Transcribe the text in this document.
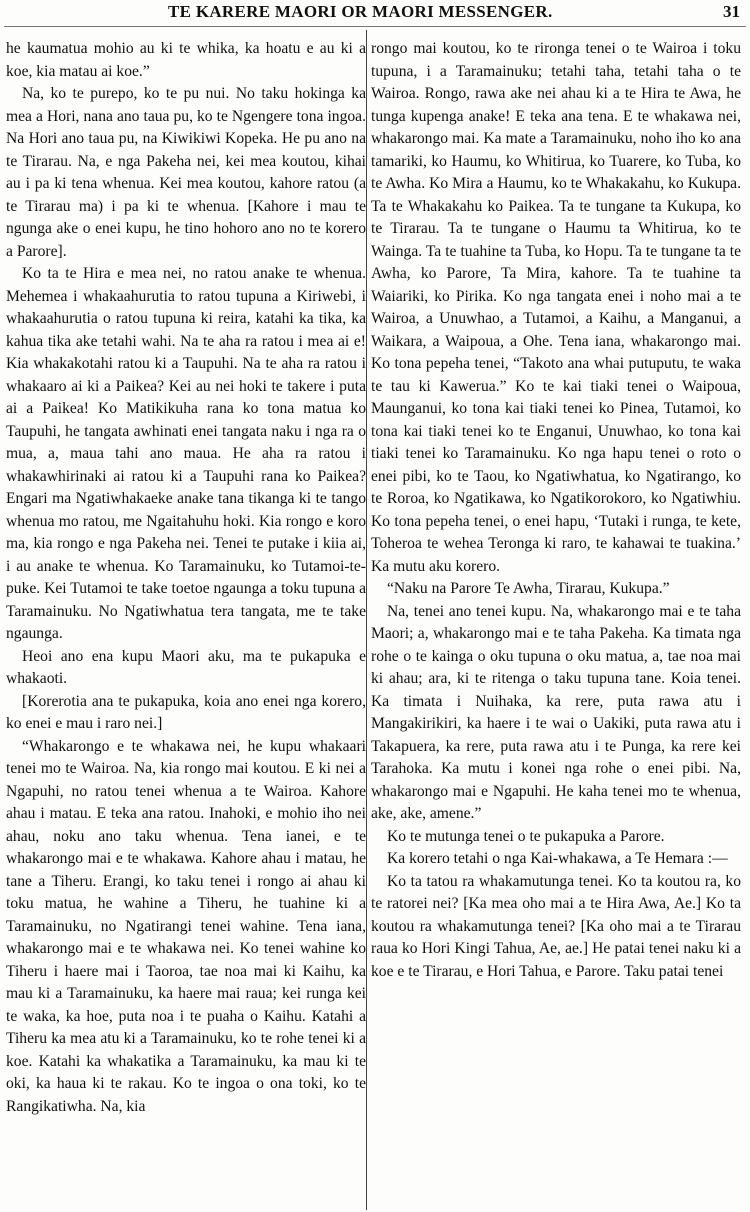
TE KARERE MAORI OR MAORI MESSENGER.	31

he kaumatua mohio au ki te whika, ka hoatu e au ki a koe, kia matau ai koe.”

Na, ko te purepo, ko te pu nui. No taku hokinga ka mea a Hori, nana ano taua pu, ko te Ngengere tona ingoa. Na Hori ano taua pu, na Kiwikiwi Kopeka. He pu ano na te Tirarau. Na, e nga Pakeha nei, kei mea koutou, kihai au i pa ki tena whenua. Kei mea koutou, kahore ratou (a te Tirarau ma) i pa ki te whenua. [Kahore i mau te ngunga ake o enei kupu, he tino hohoro ano no te korero a Parore].

Ko ta te Hira e mea nei, no ratou anake te whenua. Mehemea i whakaahurutia to ratou tupuna a Kiriwebi, i whakaahurutia o ratou tupuna ki reira, katahi ka tika, ka kahua tika ake tetahi wahi. Na te aha ra ratou i mea ai e! Kia whakakotahi ratou ki a Taupuhi. Na te aha ra ratou i whakaaro ai ki a Paikea? Kei au nei hoki te takere i puta ai a Paikea! Ko Matikikuha rana ko tona matua ko Taupuhi, he tangata awhinati enei tangata naku i nga ra o mua, a, maua tahi ano maua. He aha ra ratou i whakawhirinaki ai ratou ki a Taupuhi rana ko Paikea? Engari ma Ngatiwhakaeke anake tana tikanga ki te tango whenua mo ratou, me Ngaitahuhu hoki. Kia rongo e koro ma, kia rongo e nga Pakeha nei. Tenei te putake i kiia ai, i au anake te whenua. Ko Taramainuku, ko Tutamoi-te-puke. Kei Tutamoi te take toetoe ngaunga a toku tupuna a Taramainuku. No Ngatiwhatua tera tangata, me te take ngaunga.

Heoi ano ena kupu Maori aku, ma te pukapuka e whakaoti.

[Korerotia ana te pukapuka, koia ano enei nga korero, ko enei e mau i raro nei.]

“Whakarongo e te whakawa nei, he kupu whakaari tenei mo te Wairoa. Na, kia rongo mai koutou. E ki nei a Ngapuhi, no ratou tenei whenua a te Wairoa. Kahore ahau i matau. E teka ana ratou. Inahoki, e mohio iho nei ahau, noku ano taku whenua. Tena ianei, e te whakarongo mai e te whakawa. Kahore ahau i matau, he tane a Tiheru. Erangi, ko taku tenei i rongo ai ahau ki toku matua, he wahine a Tiheru, he tuahine ki a Taramainuku, no Ngatirangi tenei wahine. Tena iana, whakarongo mai e te whakawa nei. Ko tenei wahine ko Tiheru i haere mai i Taoroa, tae noa mai ki Kaihu, ka mau ki a Taramainuku, ka haere mai raua; kei runga kei te waka, ka hoe, puta noa i te puaha o Kaihu. Katahi a Tiheru ka mea atu ki a Taramainuku, ko te rohe tenei ki a koe. Katahi ka whakatika a Taramainuku, ka mau ki te oki, ka haua ki te rakau. Ko te ingoa o ona toki, ko te Rangikatiwha. Na, kia

rongo mai koutou, ko te rironga tenei o te Wairoa i toku tupuna, i a Taramainuku; tetahi taha, tetahi taha o te Wairoa. Rongo, rawa ake nei ahau ki a te Hira te Awa, he tunga kupenga anake! E teka ana tena. E te whakawa nei, whakarongo mai. Ka mate a Taramainuku, noho iho ko ana tamariki, ko Haumu, ko Whitirua, ko Tuarere, ko Tuba, ko te Awha. Ko Mira a Haumu, ko te Whakakahu, ko Kukupa. Ta te Whakakahu ko Paikea. Ta te tungane ta Kukupa, ko te Tirarau. Ta te tungane o Haumu ta Whitirua, ko te Wainga. Ta te tuahine ta Tuba, ko Hopu. Ta te tungane ta te Awha, ko Parore, Ta Mira, kahore. Ta te tuahine ta Waiariki, ko Pirika. Ko nga tangata enei i noho mai a te Wairoa, a Unuwhao, a Tutamoi, a Kaihu, a Manganui, a Waikara, a Waipoua, a Ohe. Tena iana, whakarongo mai. Ko tona pepeha tenei, “Takoto ana whai putuputu, te waka te tau ki Kawerua.” Ko te kai tiaki tenei o Waipoua, Maunganui, ko tona kai tiaki tenei ko Pinea, Tutamoi, ko tona kai tiaki tenei ko te Enganui, Unuwhao, ko tona kai tiaki tenei ko Taramainuku. Ko nga hapu tenei o roto o enei pibi, ko te Taou, ko Ngatiwhatua, ko Ngatirango, ko te Roroa, ko Ngatikawa, ko Ngatikorokoro, ko Ngatiwhiu. Ko tona pepeha tenei, o enei hapu, ‘Tutaki i runga, te kete, Toheroa te wehea Teronga ki raro, te kahawai te tuakina.’ Ka mutu aku korero.

“Naku na Parore Te Awha, Tirarau, Kukupa.”

Na, tenei ano tenei kupu. Na, whakarongo mai e te taha Maori; a, whakarongo mai e te taha Pakeha. Ka timata nga rohe o te kainga o oku tupuna o oku matua, a, tae noa mai ki ahau; ara, ki te ritenga o taku tupuna tane. Koia tenei. Ka timata i Nuihaka, ka rere, puta rawa atu i Mangakirikiri, ka haere i te wai o Uakiki, puta rawa atu i Takapuera, ka rere, puta rawa atu i te Punga, ka rere kei Tarahoka. Ka mutu i konei nga rohe o enei pibi. Na, whakarongo mai e Ngapuhi. He kaha tenei mo te whenua, ake, ake, amene.”

Ko te mutunga tenei o te pukapuka a Parore.

Ka korero tetahi o nga Kai-whakawa, a Te Hemara :—

Ko ta tatou ra whakamutunga tenei. Ko ta koutou ra, ko te ratorei nei? [Ka mea oho mai a te Hira Awa, Ae.] Ko ta koutou ra whakamutunga tenei? [Ka oho mai a te Tirarau raua ko Hori Kingi Tahua, Ae, ae.] He patai tenei naku ki a koe e te Tirarau, e Hori Tahua, e Parore. Taku patai tenei
